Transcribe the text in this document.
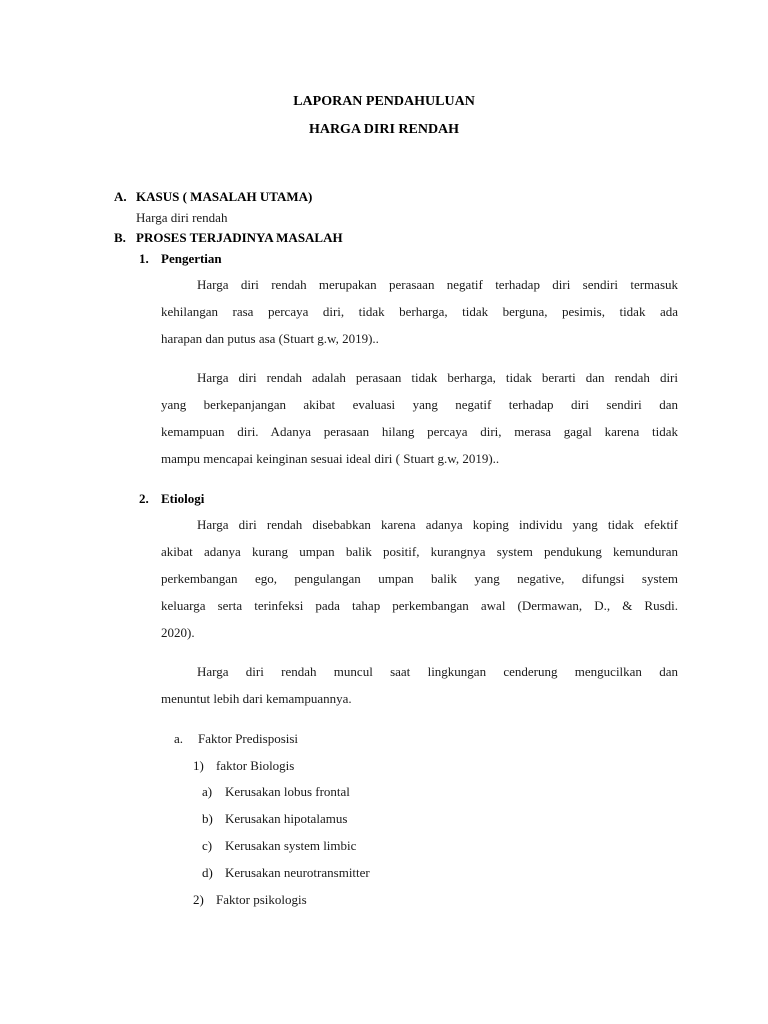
LAPORAN PENDAHULUAN
HARGA DIRI RENDAH
A. KASUS ( MASALAH UTAMA)
Harga diri rendah
B. PROSES TERJADINYA MASALAH
1. Pengertian
Harga diri rendah merupakan perasaan negatif terhadap diri sendiri termasuk
kehilangan rasa percaya diri, tidak berharga, tidak berguna, pesimis, tidak ada
harapan dan putus asa (Stuart g.w, 2019)..
Harga diri rendah adalah perasaan tidak berharga, tidak berarti dan rendah diri
yang berkepanjangan akibat evaluasi yang negatif terhadap diri sendiri dan
kemampuan diri. Adanya perasaan hilang percaya diri, merasa gagal karena tidak
mampu mencapai keinginan sesuai ideal diri ( Stuart g.w, 2019)..
2. Etiologi
Harga diri rendah disebabkan karena adanya koping individu yang tidak efektif
akibat adanya kurang umpan balik positif, kurangnya system pendukung kemunduran
perkembangan ego, pengulangan umpan balik yang negative, difungsi system
keluarga serta terinfeksi pada tahap perkembangan awal (Dermawan, D., & Rusdi.
2020).
Harga diri rendah muncul saat lingkungan cenderung mengucilkan dan
menuntut lebih dari kemampuannya.
a. Faktor Predisposisi
1) faktor Biologis
a) Kerusakan lobus frontal
b) Kerusakan hipotalamus
c) Kerusakan system limbic
d) Kerusakan neurotransmitter
2) Faktor psikologis
